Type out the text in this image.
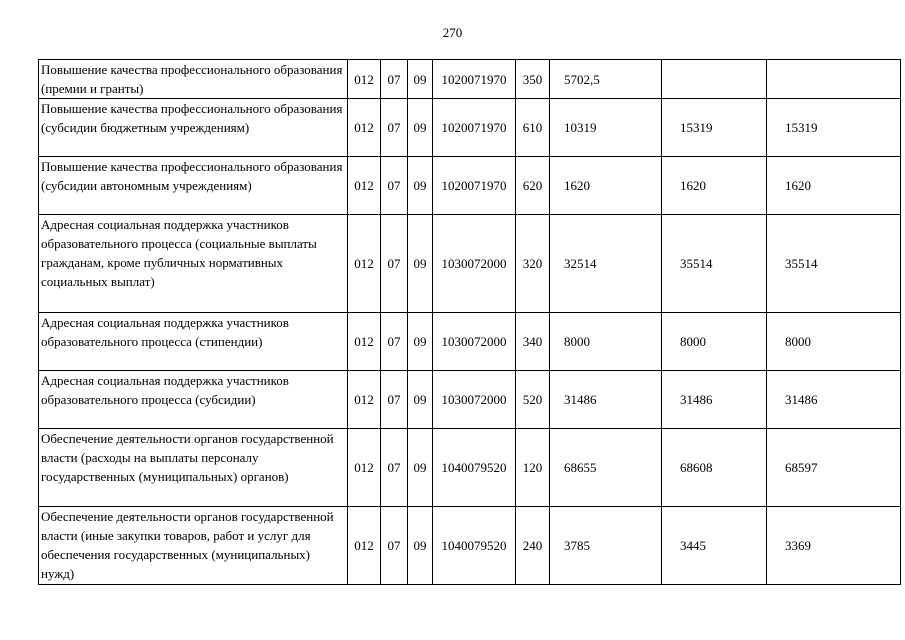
270
Повышение качества профессионального образования (премии и гранты)	012	07	09	1020071970	350	5702,5		
Повышение качества профессионального образования (субсидии бюджетным учреждениям)	012	07	09	1020071970	610	10319	15319	15319
Повышение качества профессионального образования (субсидии автономным учреждениям)	012	07	09	1020071970	620	1620	1620	1620
Адресная социальная поддержка участников образовательного процесса (социальные выплаты гражданам, кроме публичных нормативных социальных выплат)	012	07	09	1030072000	320	32514	35514	35514
Адресная социальная поддержка участников образовательного процесса (стипендии)	012	07	09	1030072000	340	8000	8000	8000
Адресная социальная поддержка участников образовательного процесса (субсидии)	012	07	09	1030072000	520	31486	31486	31486
Обеспечение деятельности органов государственной власти (расходы на выплаты персоналу государственных (муниципальных) органов)	012	07	09	1040079520	120	68655	68608	68597
Обеспечение деятельности органов государственной власти (иные закупки товаров, работ и услуг для обеспечения государственных (муниципальных) нужд)	012	07	09	1040079520	240	3785	3445	3369
